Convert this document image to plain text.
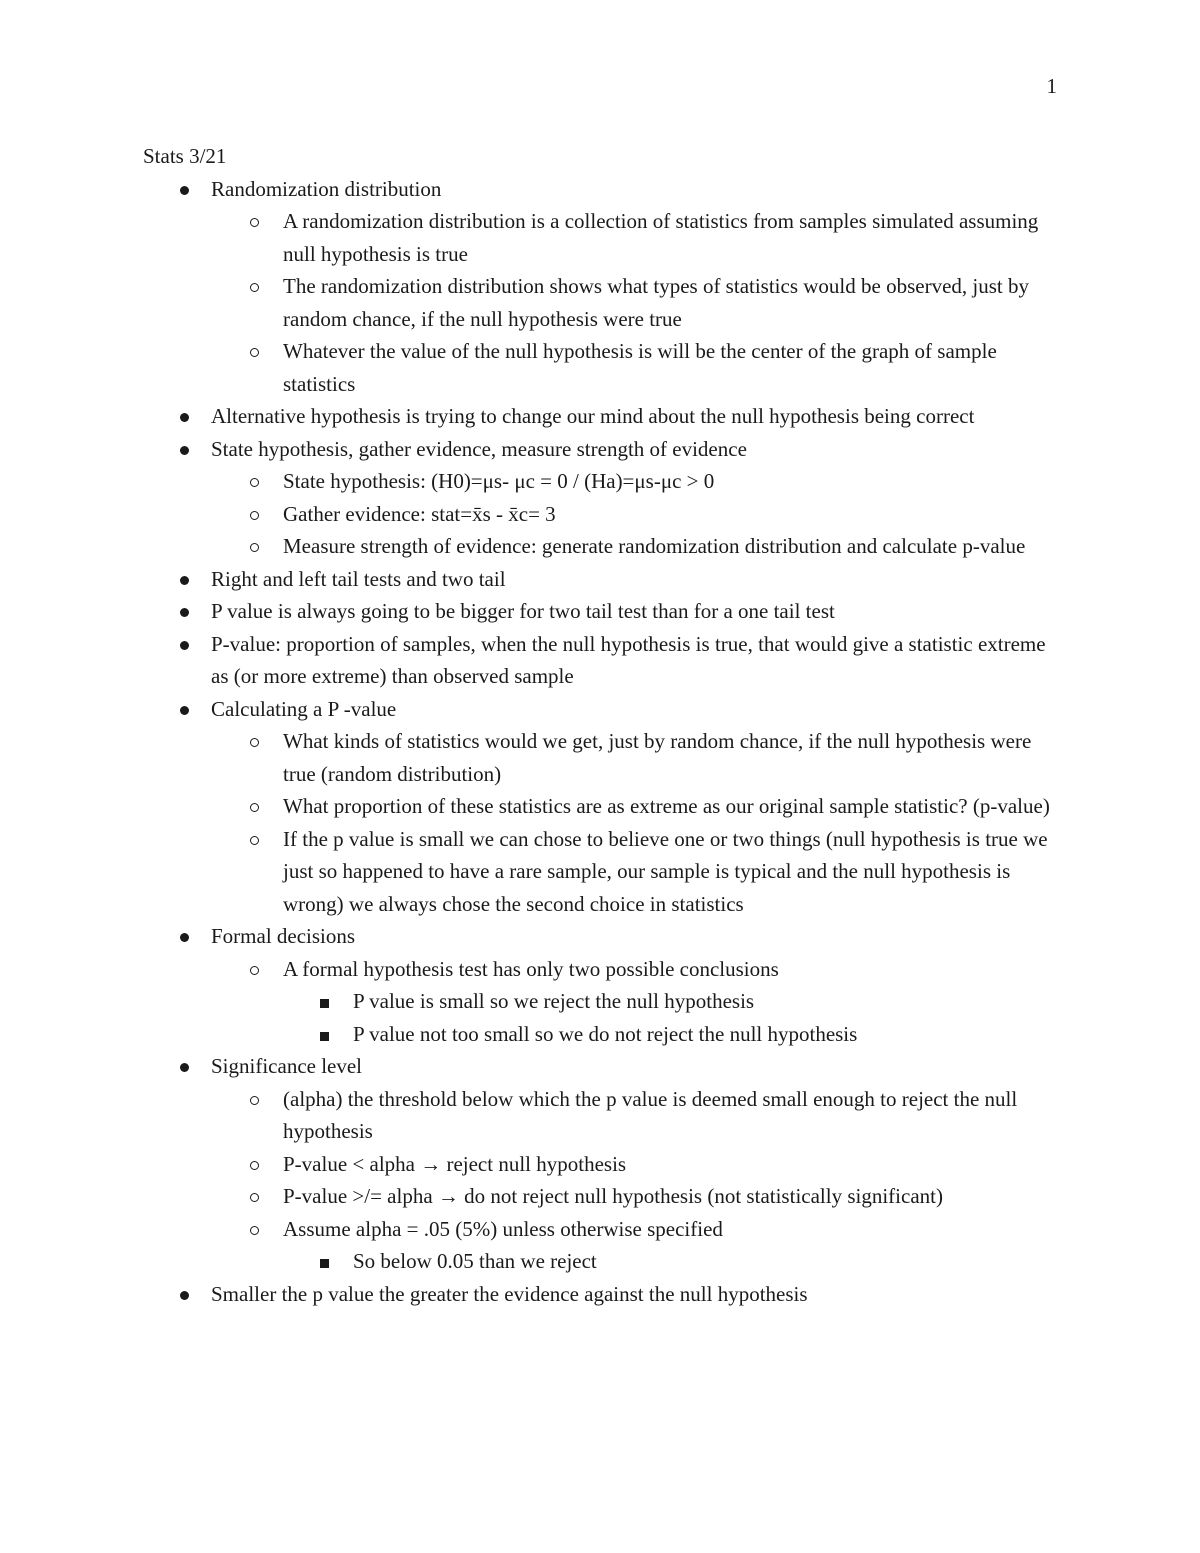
1
Stats 3/21
Randomization distribution
A randomization distribution is a collection of statistics from samples simulated assuming null hypothesis is true
The randomization distribution shows what types of statistics would be observed, just by random chance, if the null hypothesis were true
Whatever the value of the null hypothesis is will be the center of the graph of sample statistics
Alternative hypothesis is trying to change our mind about the null hypothesis being correct
State hypothesis, gather evidence, measure strength of evidence
State hypothesis: (H0)=μs- μc = 0 / (Ha)=μs-μc > 0
Gather evidence: stat=x̄s - x̄c= 3
Measure strength of evidence: generate randomization distribution and calculate p-value
Right and left tail tests and two tail
P value is always going to be bigger for two tail test than for a one tail test
P-value: proportion of samples, when the null hypothesis is true, that would give a statistic extreme as (or more extreme) than observed sample
Calculating a P -value
What kinds of statistics would we get, just by random chance, if the null hypothesis were true (random distribution)
What proportion of these statistics are as extreme as our original sample statistic? (p-value)
If the p value is small we can chose to believe one or two things (null hypothesis is true we just so happened to have a rare sample, our sample is typical and the null hypothesis is wrong) we always chose the second choice in statistics
Formal decisions
A formal hypothesis test has only two possible conclusions
P value is small so we reject the null hypothesis
P value not too small so we do not reject the null hypothesis
Significance level
(alpha) the threshold below which the p value is deemed small enough to reject the null hypothesis
P-value < alpha → reject null hypothesis
P-value >/= alpha → do not reject null hypothesis (not statistically significant)
Assume alpha = .05 (5%) unless otherwise specified
So below 0.05 than we reject
Smaller the p value the greater the evidence against the null hypothesis
